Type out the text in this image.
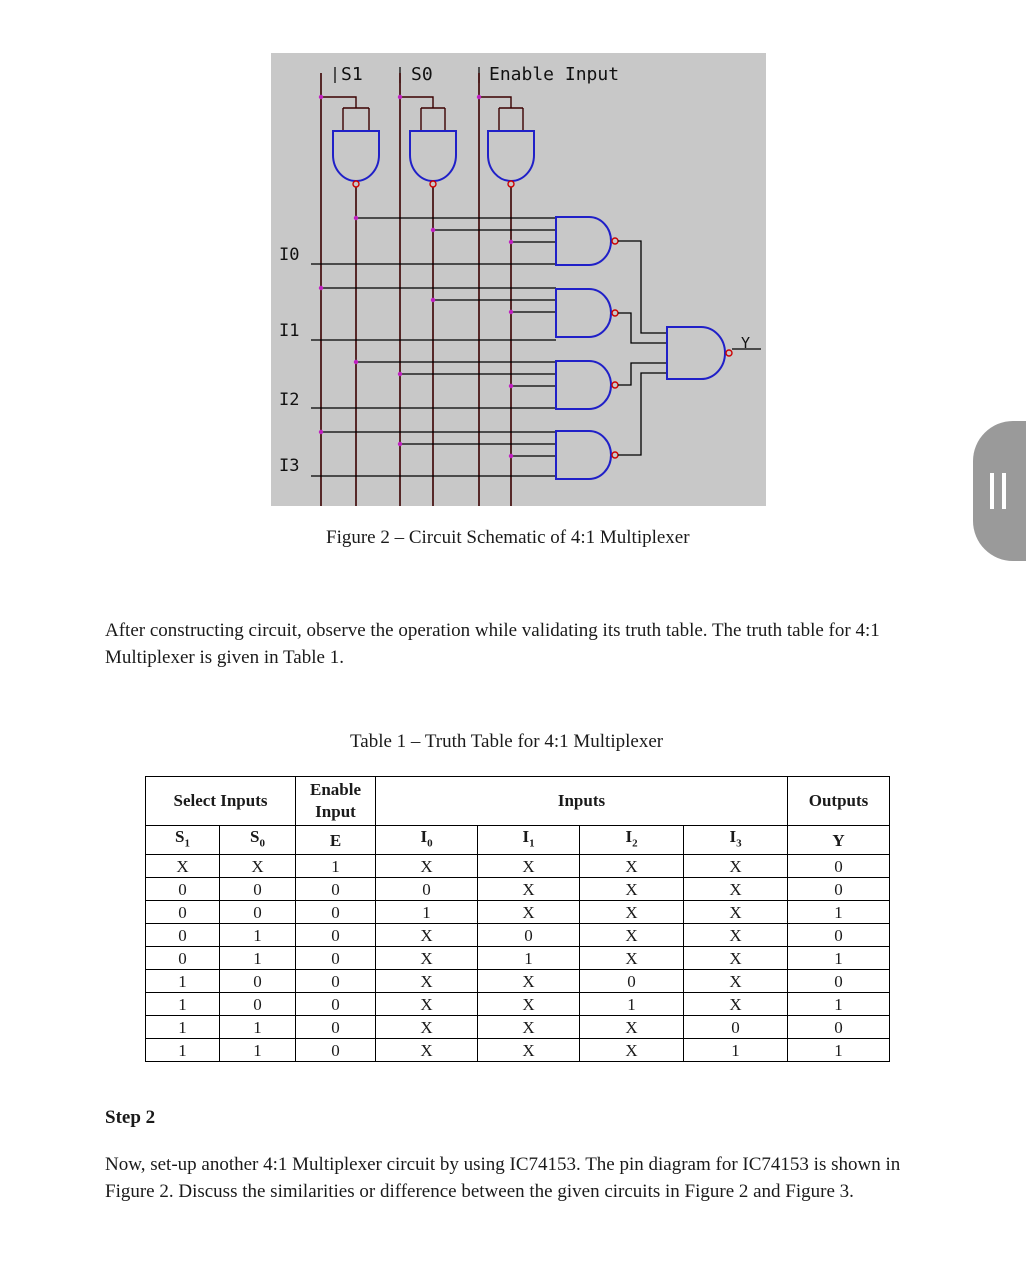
S1	S0	Enable Input
I0
I1
I2
I3
Y
Figure 2 – Circuit Schematic of 4:1 Multiplexer
After constructing circuit, observe the operation while validating its truth table. The truth table for 4:1 Multiplexer is given in Table 1.
Table 1 – Truth Table for 4:1 Multiplexer
Select Inputs		Enable Input	Inputs				Outputs
$S_1$	$S_0$	E	$I_0$	$I_1$	$I_2$	$I_3$	Y
X	X	1	X	X	X	X	0
0	0	0	0	X	X	X	0
0	0	0	1	X	X	X	1
0	1	0	X	0	X	X	0
0	1	0	X	1	X	X	1
1	0	0	X	X	0	X	0
1	0	0	X	X	1	X	1
1	1	0	X	X	X	0	0
1	1	0	X	X	X	1	1
Step 2
Now, set-up another 4:1 Multiplexer circuit by using IC74153. The pin diagram for IC74153 is shown in Figure 2. Discuss the similarities or difference between the given circuits in Figure 2 and Figure 3.
